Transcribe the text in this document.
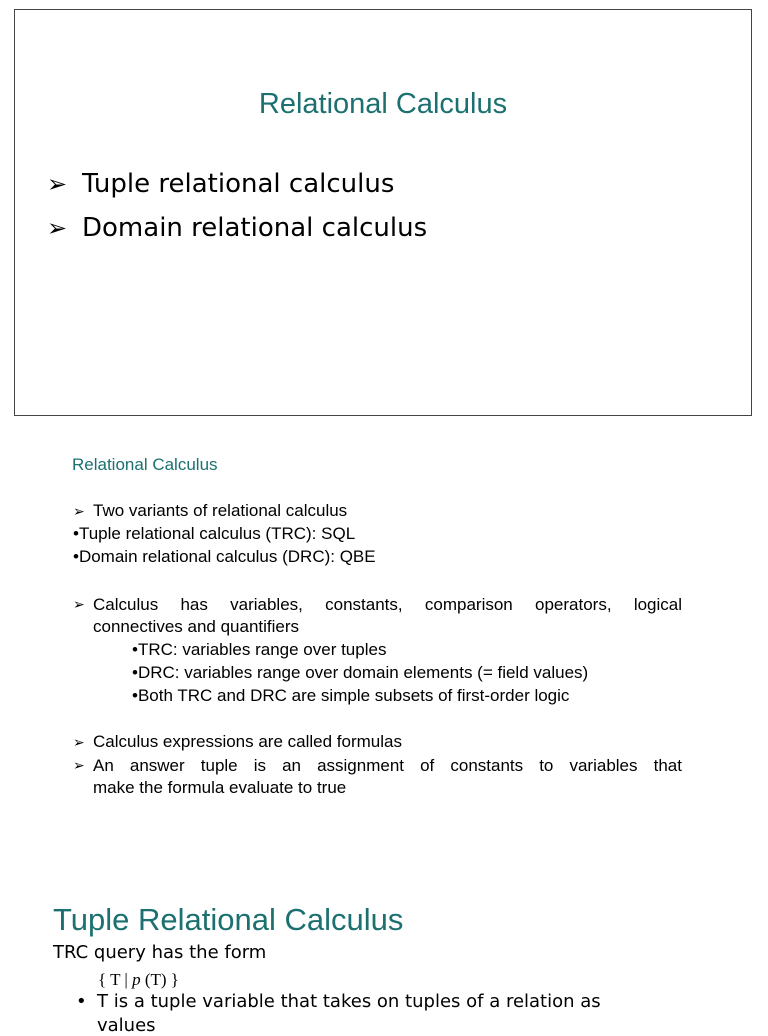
Relational Calculus
➢ Tuple relational calculus
➢ Domain relational calculus
Relational Calculus
➢ Two variants of relational calculus
•Tuple relational calculus (TRC): SQL
•Domain relational calculus (DRC): QBE
➢ Calculus has variables, constants, comparison operators, logical
connectives and quantifiers
•TRC: variables range over tuples
•DRC: variables range over domain elements (= field values)
•Both TRC and DRC are simple subsets of first-order logic
➢ Calculus expressions are called formulas
➢ An answer tuple is an assignment of constants to variables that
make the formula evaluate to true
Tuple Relational Calculus
TRC query has the form
{ T | p (T) }
• T is a tuple variable that takes on tuples of a relation as
values
